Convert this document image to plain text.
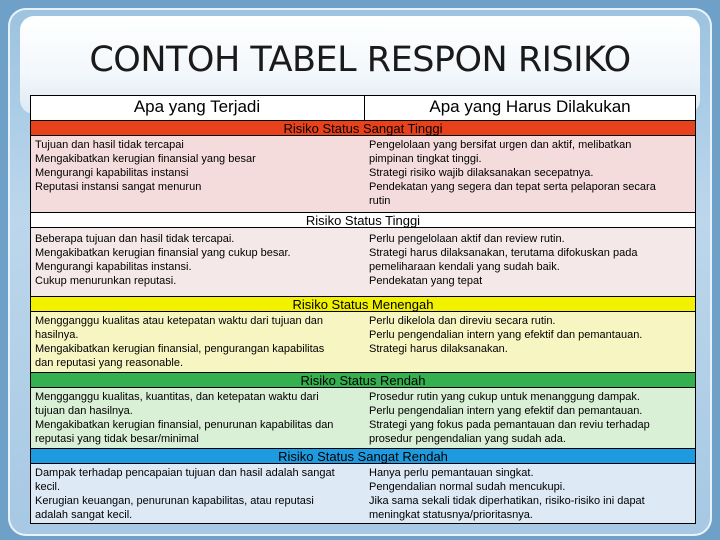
CONTOH TABEL RESPON RISIKO
Apa yang Terjadi	Apa yang Harus Dilakukan
Risiko Status Sangat Tinggi
Tujuan dan hasil tidak tercapai
Mengakibatkan kerugian finansial yang besar
Mengurangi kapabilitas instansi
Reputasi instansi sangat menurun
Pengelolaan yang bersifat urgen dan aktif, melibatkan
pimpinan tingkat tinggi.
Strategi risiko wajib dilaksanakan secepatnya.
Pendekatan yang segera dan tepat serta pelaporan secara
rutin
Risiko Status Tinggi
Beberapa tujuan dan hasil tidak tercapai.
Mengakibatkan kerugian finansial yang cukup besar.
Mengurangi kapabilitas instansi.
Cukup menurunkan reputasi.
Perlu pengelolaan aktif dan review rutin.
Strategi harus dilaksanakan, terutama difokuskan pada
pemeliharaan kendali yang sudah baik.
Pendekatan yang tepat
Risiko Status Menengah
Mengganggu kualitas atau ketepatan waktu dari tujuan dan
hasilnya.
Mengakibatkan kerugian finansial, pengurangan kapabilitas
dan reputasi yang reasonable.
Perlu dikelola dan direviu secara rutin.
Perlu pengendalian intern yang efektif dan pemantauan.
Strategi harus dilaksanakan.
Risiko Status Rendah
Mengganggu kualitas, kuantitas, dan ketepatan waktu dari
tujuan dan hasilnya.
Mengakibatkan kerugian finansial, penurunan kapabilitas dan
reputasi yang tidak besar/minimal
Prosedur rutin yang cukup untuk menanggung dampak.
Perlu pengendalian intern yang efektif dan pemantauan.
Strategi yang fokus pada pemantauan dan reviu terhadap
prosedur pengendalian yang sudah ada.
Risiko Status Sangat Rendah
Dampak terhadap pencapaian tujuan dan hasil adalah sangat
kecil.
Kerugian keuangan, penurunan kapabilitas, atau reputasi
adalah sangat kecil.
Hanya perlu pemantauan singkat.
Pengendalian normal sudah mencukupi.
Jika sama sekali tidak diperhatikan, risiko-risiko ini dapat
meningkat statusnya/prioritasnya.
